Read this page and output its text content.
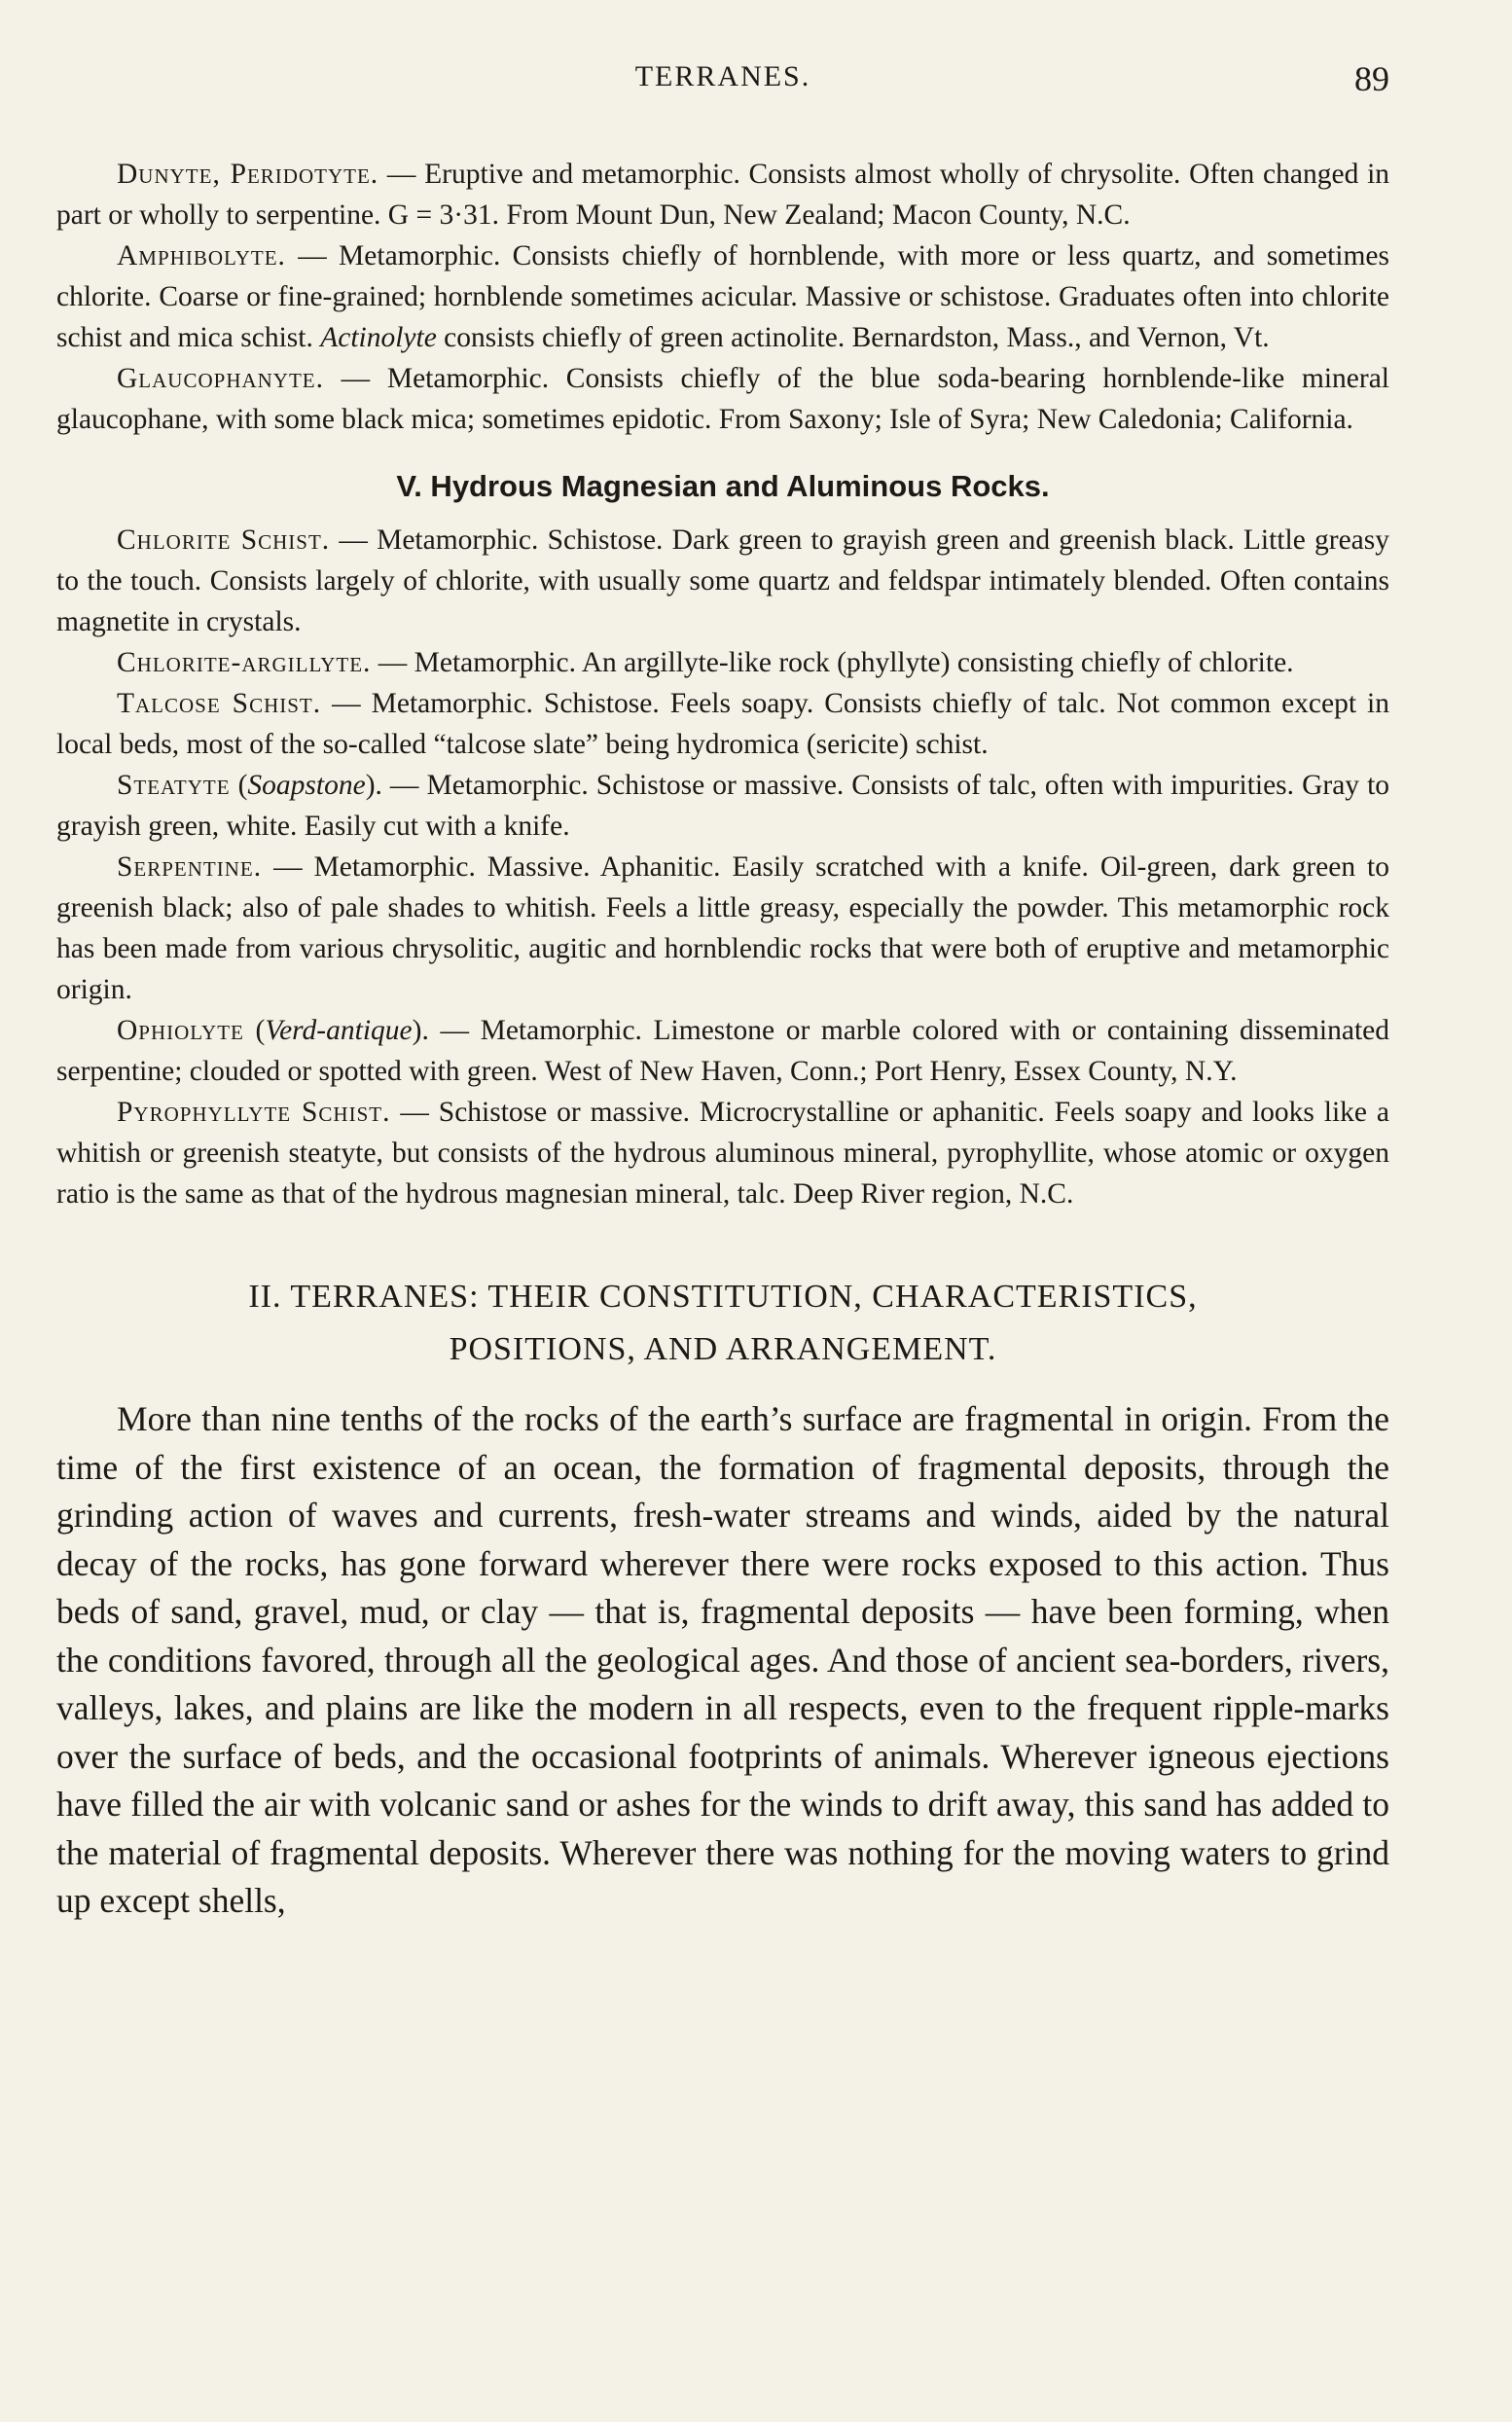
TERRANES.	89

Dunyte, Peridotyte. — Eruptive and metamorphic. Consists almost wholly of chrysolite. Often changed in part or wholly to serpentine. G = 3·31. From Mount Dun, New Zealand; Macon County, N.C.

Amphibolyte. — Metamorphic. Consists chiefly of hornblende, with more or less quartz, and sometimes chlorite. Coarse or fine-grained; hornblende sometimes acicular. Massive or schistose. Graduates often into chlorite schist and mica schist. Actinolyte consists chiefly of green actinolite. Bernardston, Mass., and Vernon, Vt.

Glaucophanyte. — Metamorphic. Consists chiefly of the blue soda-bearing hornblende-like mineral glaucophane, with some black mica; sometimes epidotic. From Saxony; Isle of Syra; New Caledonia; California.

V. Hydrous Magnesian and Aluminous Rocks.

Chlorite Schist. — Metamorphic. Schistose. Dark green to grayish green and greenish black. Little greasy to the touch. Consists largely of chlorite, with usually some quartz and feldspar intimately blended. Often contains magnetite in crystals.

Chlorite-argillyte. — Metamorphic. An argillyte-like rock (phyllyte) consisting chiefly of chlorite.

Talcose Schist. — Metamorphic. Schistose. Feels soapy. Consists chiefly of talc. Not common except in local beds, most of the so-called “talcose slate” being hydromica (sericite) schist.

Steatyte (Soapstone). — Metamorphic. Schistose or massive. Consists of talc, often with impurities. Gray to grayish green, white. Easily cut with a knife.

Serpentine. — Metamorphic. Massive. Aphanitic. Easily scratched with a knife. Oil-green, dark green to greenish black; also of pale shades to whitish. Feels a little greasy, especially the powder. This metamorphic rock has been made from various chrysolitic, augitic and hornblendic rocks that were both of eruptive and metamorphic origin.

Ophiolyte (Verd-antique). — Metamorphic. Limestone or marble colored with or containing disseminated serpentine; clouded or spotted with green. West of New Haven, Conn.; Port Henry, Essex County, N.Y.

Pyrophyllyte Schist. — Schistose or massive. Microcrystalline or aphanitic. Feels soapy and looks like a whitish or greenish steatyte, but consists of the hydrous aluminous mineral, pyrophyllite, whose atomic or oxygen ratio is the same as that of the hydrous magnesian mineral, talc. Deep River region, N.C.

II. TERRANES: THEIR CONSTITUTION, CHARACTERISTICS,
POSITIONS, AND ARRANGEMENT.

More than nine tenths of the rocks of the earth’s surface are fragmental in origin. From the time of the first existence of an ocean, the formation of fragmental deposits, through the grinding action of waves and currents, fresh-water streams and winds, aided by the natural decay of the rocks, has gone forward wherever there were rocks exposed to this action. Thus beds of sand, gravel, mud, or clay — that is, fragmental deposits — have been forming, when the conditions favored, through all the geological ages. And those of ancient sea-borders, rivers, valleys, lakes, and plains are like the modern in all respects, even to the frequent ripple-marks over the surface of beds, and the occasional footprints of animals. Wherever igneous ejections have filled the air with volcanic sand or ashes for the winds to drift away, this sand has added to the material of fragmental deposits. Wherever there was nothing for the moving waters to grind up except shells,
